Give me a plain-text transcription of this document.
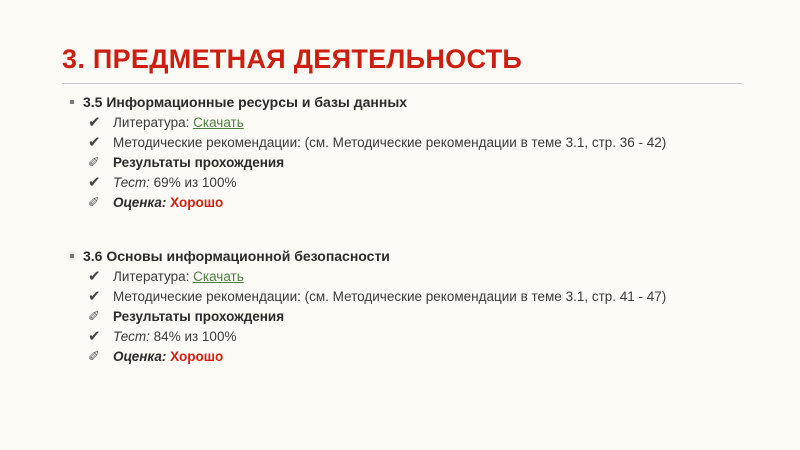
3. ПРЕДМЕТНАЯ ДЕЯТЕЛЬНОСТЬ
3.5 Информационные ресурсы и базы данных
✔ Литература: Скачать
✔ Методические рекомендации: (см. Методические рекомендации в теме 3.1, стр. 36 - 42)
✐ Результаты прохождения
✔ Тест: 69% из 100%
✐ Оценка: Хорошо
3.6 Основы информационной безопасности
✔ Литература: Скачать
✔ Методические рекомендации: (см. Методические рекомендации в теме 3.1, стр. 41 - 47)
✐ Результаты прохождения
✔ Тест: 84% из 100%
✐ Оценка: Хорошо
